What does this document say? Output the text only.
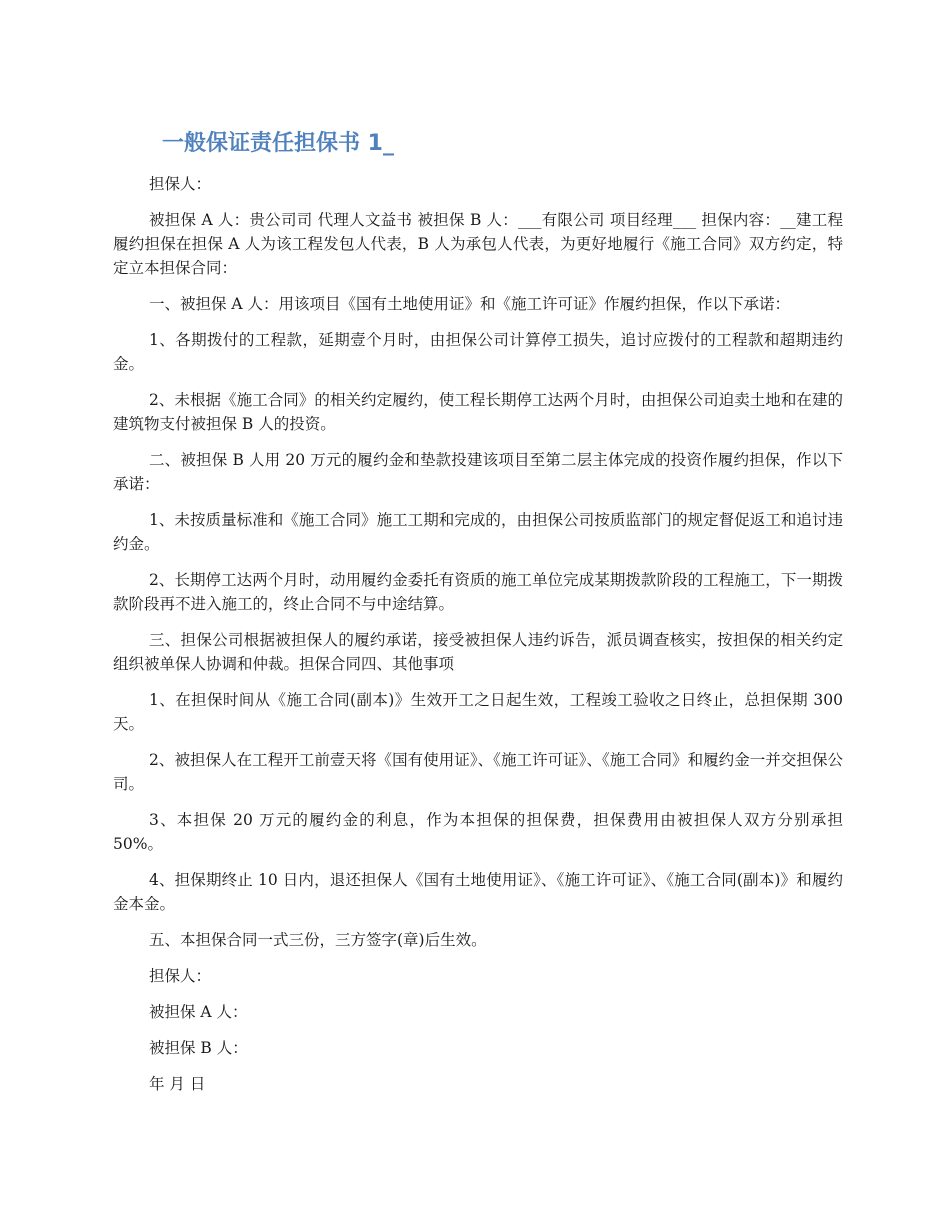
一般保证责任担保书 1_

担保人：

被担保 A 人：贵公司司 代理人文益书 被担保 B 人：___有限公司 项目经理___ 担保内容：__建工程履约担保在担保 A 人为该工程发包人代表，B 人为承包人代表，为更好地履行《施工合同》双方约定，特定立本担保合同：

一、被担保 A 人：用该项目《国有土地使用证》和《施工许可证》作履约担保，作以下承诺：

1、各期拨付的工程款，延期壹个月时，由担保公司计算停工损失，追讨应拨付的工程款和超期违约金。

2、未根据《施工合同》的相关约定履约，使工程长期停工达两个月时，由担保公司迫卖土地和在建的建筑物支付被担保 B 人的投资。

二、被担保 B 人用 20 万元的履约金和垫款投建该项目至第二层主体完成的投资作履约担保，作以下承诺：

1、未按质量标准和《施工合同》施工工期和完成的，由担保公司按质监部门的规定督促返工和追讨违约金。

2、长期停工达两个月时，动用履约金委托有资质的施工单位完成某期拨款阶段的工程施工，下一期拨款阶段再不进入施工的，终止合同不与中途结算。

三、担保公司根据被担保人的履约承诺，接受被担保人违约诉告，派员调查核实，按担保的相关约定组织被单保人协调和仲裁。担保合同四、其他事项

1、在担保时间从《施工合同(副本)》生效开工之日起生效，工程竣工验收之日终止，总担保期 300 天。

2、被担保人在工程开工前壹天将《国有使用证》、《施工许可证》、《施工合同》和履约金一并交担保公司。

3、本担保 20 万元的履约金的利息，作为本担保的担保费，担保费用由被担保人双方分别承担 50%。

4、担保期终止 10 日内，退还担保人《国有土地使用证》、《施工许可证》、《施工合同(副本)》和履约金本金。

五、本担保合同一式三份，三方签字(章)后生效。

担保人：

被担保 A 人：

被担保 B 人：

年 月 日
